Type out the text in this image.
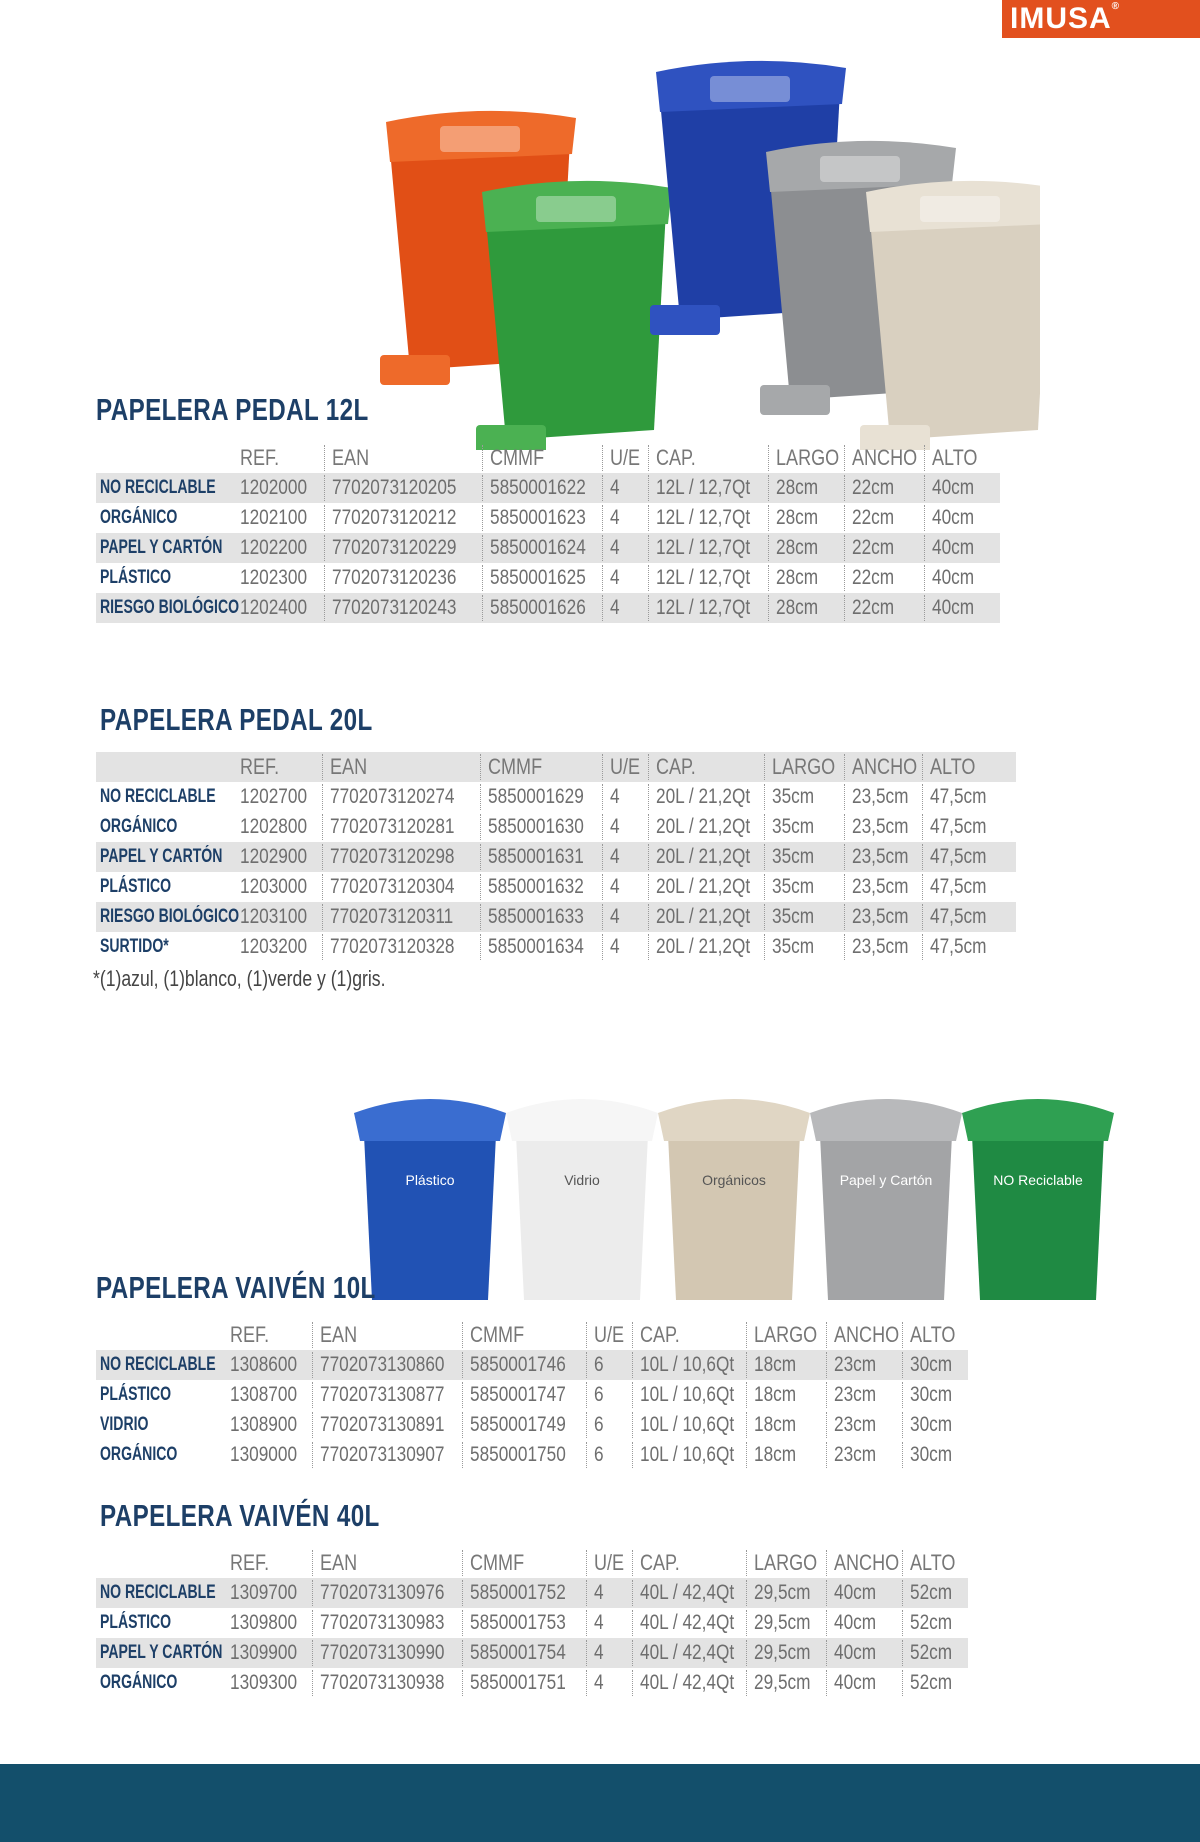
IMUSA®
PAPELERA PEDAL 12L
REF. EAN	CMMF	U/E CAP.	LARGO ANCHO ALTO
NO RECICLABLE 1202000 7702073120205 5850001622 4 12L / 12,7Qt 28cm 22cm 40cm
ORGÁNICO	1202100 7702073120212 5850001623 4 12L / 12,7Qt 28cm 22cm 40cm
PAPEL Y CARTÓN 1202200 7702073120229 5850001624 4 12L / 12,7Qt 28cm 22cm 40cm
PLÁSTICO	1202300 7702073120236 5850001625 4 12L / 12,7Qt 28cm 22cm 40cm
RIESGO BIOLÓGICO 1202400 7702073120243 5850001626 4 12L / 12,7Qt 28cm 22cm 40cm
PAPELERA PEDAL 20L
REF. EAN	CMMF	U/E CAP.	LARGO ANCHO ALTO
NO RECICLABLE 1202700 7702073120274 5850001629 4 20L / 21,2Qt 35cm 23,5cm 47,5cm
ORGÁNICO	1202800 7702073120281 5850001630 4 20L / 21,2Qt 35cm 23,5cm 47,5cm
PAPEL Y CARTÓN 1202900 7702073120298 5850001631 4 20L / 21,2Qt 35cm 23,5cm 47,5cm
PLÁSTICO	1203000 7702073120304 5850001632 4 20L / 21,2Qt 35cm 23,5cm 47,5cm
RIESGO BIOLÓGICO 1203100 7702073120311 5850001633 4 20L / 21,2Qt 35cm 23,5cm 47,5cm
SURTIDO*	1203200 7702073120328 5850001634 4 20L / 21,2Qt 35cm 23,5cm 47,5cm
*(1)azul, (1)blanco, (1)verde y (1)gris.
Plástico	Vidrio	Orgánicos	Papel y Cartón	NO Reciclable
PAPELERA VAIVÉN 10L
REF. EAN	CMMF	U/E CAP.	LARGO ANCHO ALTO
NO RECICLABLE 1308600 7702073130860 5850001746 6 10L / 10,6Qt 18cm 23cm 30cm
PLÁSTICO	1308700 7702073130877 5850001747 6 10L / 10,6Qt 18cm 23cm 30cm
VIDRIO	1308900 7702073130891 5850001749 6 10L / 10,6Qt 18cm 23cm 30cm
ORGÁNICO	1309000 7702073130907 5850001750 6 10L / 10,6Qt 18cm 23cm 30cm
PAPELERA VAIVÉN 40L
REF. EAN	CMMF	U/E CAP.	LARGO ANCHO ALTO
NO RECICLABLE 1309700 7702073130976 5850001752 4 40L / 42,4Qt 29,5cm 40cm 52cm
PLÁSTICO	1309800 7702073130983 5850001753 4 40L / 42,4Qt 29,5cm 40cm 52cm
PAPEL Y CARTÓN 1309900 7702073130990 5850001754 4 40L / 42,4Qt 29,5cm 40cm 52cm
ORGÁNICO	1309300 7702073130938 5850001751 4 40L / 42,4Qt 29,5cm 40cm 52cm
